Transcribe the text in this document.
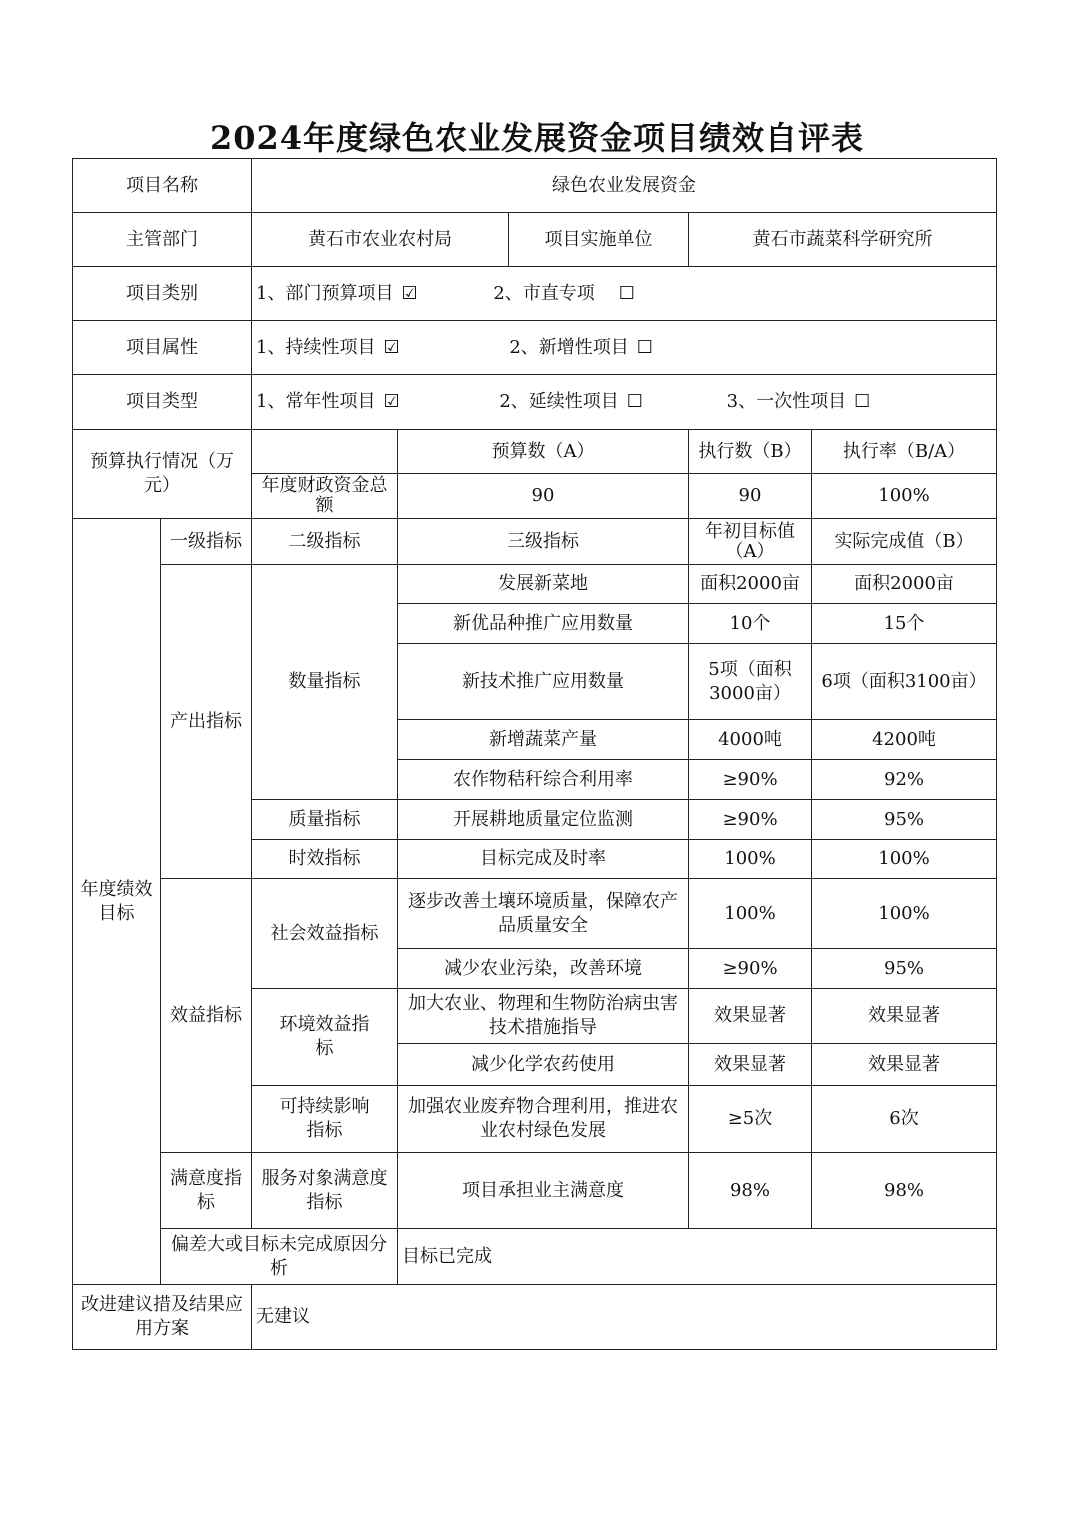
2024年度绿色农业发展资金项目绩效自评表
项目名称		绿色农业发展资金				
主管部门		黄石市农业农村局		项目实施单位	黄石市蔬菜科学研究所	
项目类别		1、部门预算项目 ☑ 2、市直专项 ☐				
项目属性		1、持续性项目 ☑ 2、新增性项目 ☐				
项目类型		1、常年性项目 ☑ 2、延续性项目 ☐ 3、一次性项目 ☐				
预算执行情况（万元）			预算数（A）		执行数（B）	执行率（B/A）
		年度财政资金总额	90		90	100%
年度绩效目标	一级指标	二级指标	三级指标		年初目标值（A）	实际完成值（B）
	产出指标	数量指标	发展新菜地		面积2000亩	面积2000亩
			新优品种推广应用数量		10个	15个
			新技术推广应用数量		5项（面积3000亩）	6项（面积3100亩）
			新增蔬菜产量		4000吨	4200吨
			农作物秸秆综合利用率		≥90%	92%
		质量指标	开展耕地质量定位监测		≥90%	95%
		时效指标	目标完成及时率		100%	100%
	效益指标	社会效益指标	逐步改善土壤环境质量，保障农产品质量安全		100%	100%
			减少农业污染，改善环境		≥90%	95%
		环境效益指标	加大农业、物理和生物防治病虫害技术措施指导		效果显著	效果显著
			减少化学农药使用		效果显著	效果显著
		可持续影响指标	加强农业废弃物合理利用，推进农业农村绿色发展		≥5次	6次
	满意度指标	服务对象满意度指标	项目承担业主满意度		98%	98%
	偏差大或目标未完成原因分析		目标已完成			
改进建议措及结果应用方案		无建议				
